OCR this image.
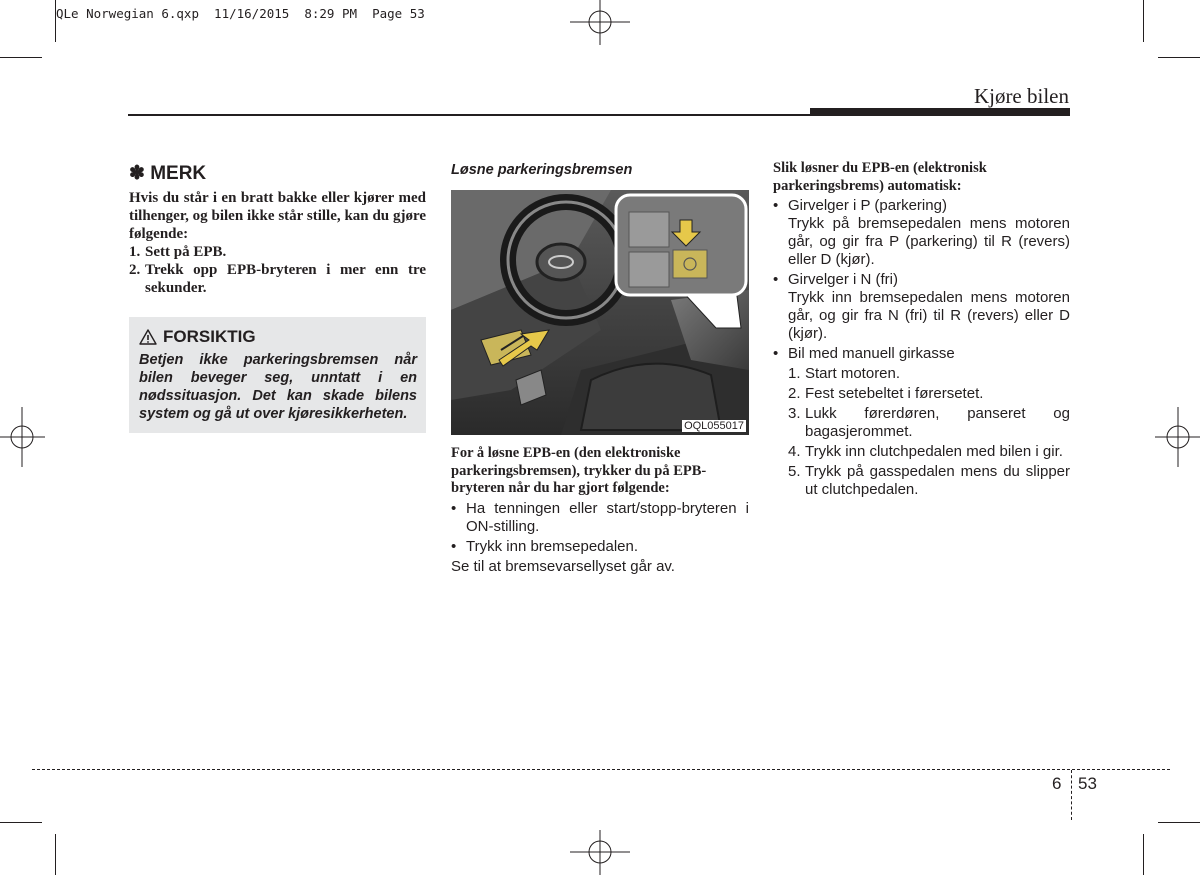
QLe Norwegian 6.qxp  11/16/2015  8:29 PM  Page 53
Kjøre bilen
✽ MERK
Hvis du står i en bratt bakke eller kjører med tilhenger, og bilen ikke står stille, kan du gjøre følgende:
1. Sett på EPB.
2. Trekk opp EPB-bryteren i mer enn tre sekunder.
FORSIKTIG
Betjen ikke parkeringsbremsen når bilen beveger seg, unntatt i en nødssituasjon. Det kan skade bilens system og gå ut over kjøresikkerheten.
Løsne parkeringsbremsen
OQL055017
For å løsne EPB-en (den elektroniske parkeringsbremsen), trykker du på EPB-bryteren når du har gjort følgende:
• Ha tenningen eller start/stopp-bryteren i ON-stilling.
• Trykk inn bremsepedalen.
Se til at bremsevarsellyset går av.
Slik løsner du EPB-en (elektronisk parkeringsbrems) automatisk:
• Girvelger i P (parkering)
Trykk på bremsepedalen mens motoren går, og gir fra P (parkering) til R (revers) eller D (kjør).
• Girvelger i N (fri)
Trykk inn bremsepedalen mens motoren går, og gir fra N (fri) til R (revers) eller D (kjør).
• Bil med manuell girkasse
1. Start motoren.
2. Fest setebeltet i førersetet.
3. Lukk førerdøren, panseret og bagasjerommet.
4. Trykk inn clutchpedalen med bilen i gir.
5. Trykk på gasspedalen mens du slipper ut clutchpedalen.
6 53
